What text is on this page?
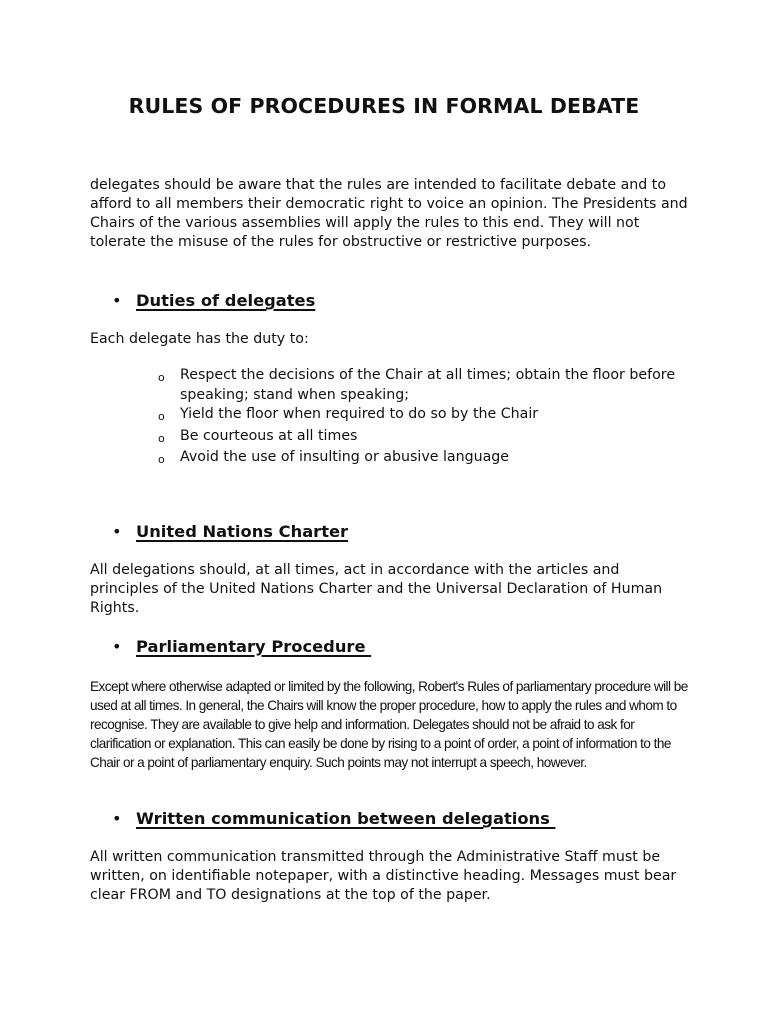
RULES OF PROCEDURES IN FORMAL DEBATE

delegates should be aware that the rules are intended to facilitate debate and to afford to all members their democratic right to voice an opinion. The Presidents and Chairs of the various assemblies will apply the rules to this end. They will not tolerate the misuse of the rules for obstructive or restrictive purposes.

• Duties of delegates

Each delegate has the duty to:

o	Respect the decisions of the Chair at all times; obtain the floor before speaking; stand when speaking;
o	Yield the floor when required to do so by the Chair
o	Be courteous at all times
o	Avoid the use of insulting or abusive language
• United Nations Charter

All delegations should, at all times, act in accordance with the articles and principles of the United Nations Charter and the Universal Declaration of Human Rights.

• Parliamentary Procedure

Except where otherwise adapted or limited by the following, Robert's Rules of parliamentary procedure will be used at all times. In general, the Chairs will know the proper procedure, how to apply the rules and whom to recognise. They are available to give help and information. Delegates should not be afraid to ask for clarification or explanation. This can easily be done by rising to a point of order, a point of information to the Chair or a point of parliamentary enquiry. Such points may not interrupt a speech, however.

• Written communication between delegations

All written communication transmitted through the Administrative Staff must be written, on identifiable notepaper, with a distinctive heading. Messages must bear clear FROM and TO designations at the top of the paper.
